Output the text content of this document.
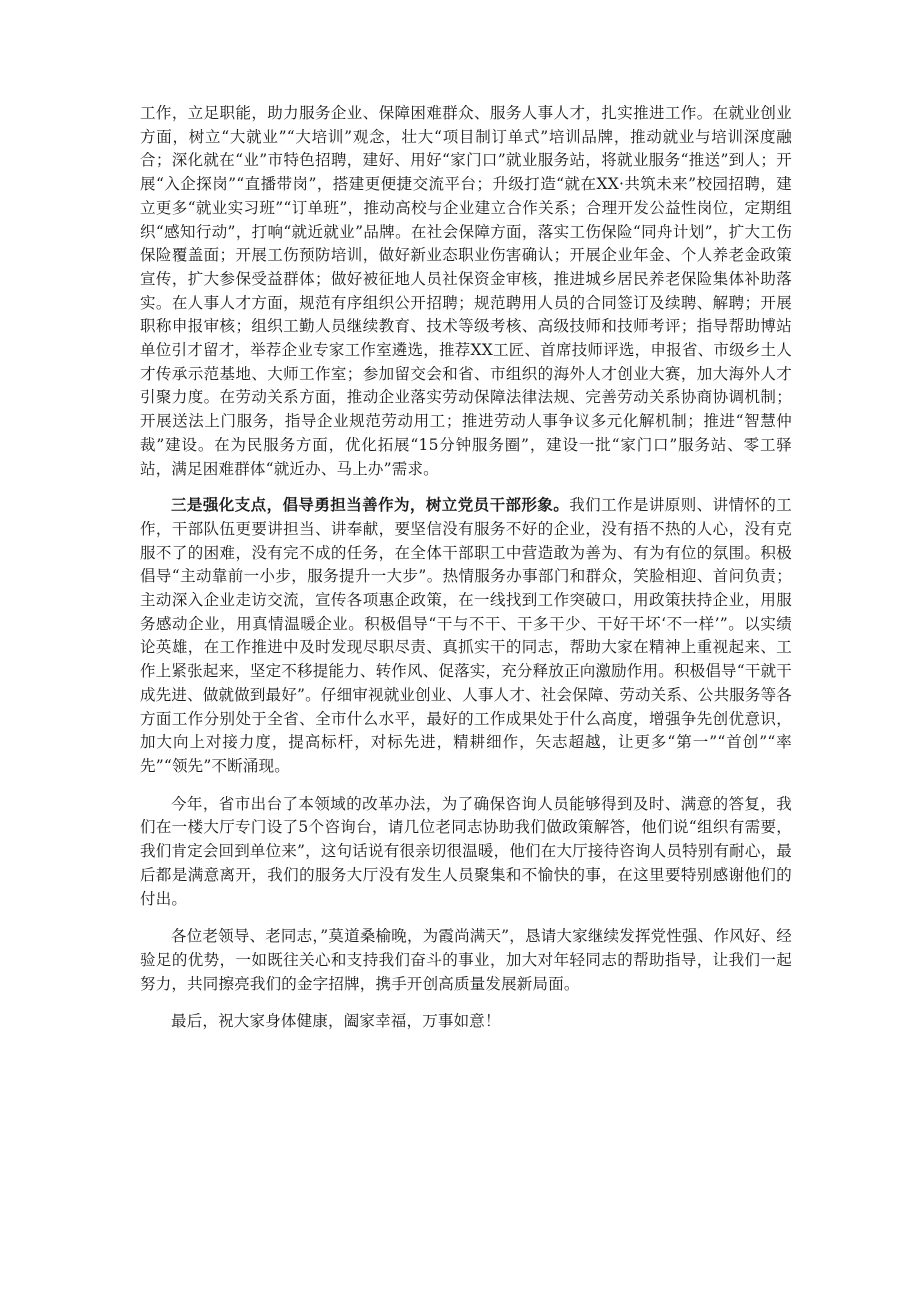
工作，立足职能，助力服务企业、保障困难群众、服务人事人才，扎实推进工作。在就业创业方面，树立“大就业”“大培训”观念，壮大“项目制订单式”培训品牌，推动就业与培训深度融合；深化就在“业”市特色招聘，建好、用好“家门口”就业服务站，将就业服务“推送”到人；开展“入企探岗”“直播带岗”，搭建更便捷交流平台；升级打造“就在XX·共筑未来”校园招聘，建立更多“就业实习班”“订单班”，推动高校与企业建立合作关系；合理开发公益性岗位，定期组织“感知行动”，打响“就近就业”品牌。在社会保障方面，落实工伤保险“同舟计划”，扩大工伤保险覆盖面；开展工伤预防培训，做好新业态职业伤害确认；开展企业年金、个人养老金政策宣传，扩大参保受益群体；做好被征地人员社保资金审核，推进城乡居民养老保险集体补助落实。在人事人才方面，规范有序组织公开招聘；规范聘用人员的合同签订及续聘、解聘；开展职称申报审核；组织工勤人员继续教育、技术等级考核、高级技师和技师考评；指导帮助博站单位引才留才，举荐企业专家工作室遴选，推荐XX工匠、首席技师评选，申报省、市级乡土人才传承示范基地、大师工作室；参加留交会和省、市组织的海外人才创业大赛，加大海外人才引聚力度。在劳动关系方面，推动企业落实劳动保障法律法规、完善劳动关系协商协调机制；开展送法上门服务，指导企业规范劳动用工；推进劳动人事争议多元化解机制；推进“智慧仲裁”建设。在为民服务方面，优化拓展“15分钟服务圈”，建设一批“家门口”服务站、零工驿站，满足困难群体“就近办、马上办”需求。

三是强化支点，倡导勇担当善作为，树立党员干部形象。我们工作是讲原则、讲情怀的工作，干部队伍更要讲担当、讲奉献，要坚信没有服务不好的企业，没有捂不热的人心，没有克服不了的困难，没有完不成的任务，在全体干部职工中营造敢为善为、有为有位的氛围。积极倡导“主动靠前一小步，服务提升一大步”。热情服务办事部门和群众，笑脸相迎、首问负责；主动深入企业走访交流，宣传各项惠企政策，在一线找到工作突破口，用政策扶持企业，用服务感动企业，用真情温暖企业。积极倡导“干与不干、干多干少、干好干坏‘不一样’”。以实绩论英雄，在工作推进中及时发现尽职尽责、真抓实干的同志，帮助大家在精神上重视起来、工作上紧张起来，坚定不移提能力、转作风、促落实，充分释放正向激励作用。积极倡导“干就干成先进、做就做到最好”。仔细审视就业创业、人事人才、社会保障、劳动关系、公共服务等各方面工作分别处于全省、全市什么水平，最好的工作成果处于什么高度，增强争先创优意识，加大向上对接力度，提高标杆，对标先进，精耕细作，矢志超越，让更多“第一”“首创”“率先”“领先”不断涌现。

今年，省市出台了本领域的改革办法，为了确保咨询人员能够得到及时、满意的答复，我们在一楼大厅专门设了5个咨询台，请几位老同志协助我们做政策解答，他们说“组织有需要，我们肯定会回到单位来”，这句话说有很亲切很温暖，他们在大厅接待咨询人员特别有耐心，最后都是满意离开，我们的服务大厅没有发生人员聚集和不愉快的事，在这里要特别感谢他们的付出。

各位老领导、老同志，”莫道桑榆晚，为霞尚满天”，恳请大家继续发挥党性强、作风好、经验足的优势，一如既往关心和支持我们奋斗的事业，加大对年轻同志的帮助指导，让我们一起努力，共同擦亮我们的金字招牌，携手开创高质量发展新局面。

最后，祝大家身体健康，阖家幸福，万事如意！
